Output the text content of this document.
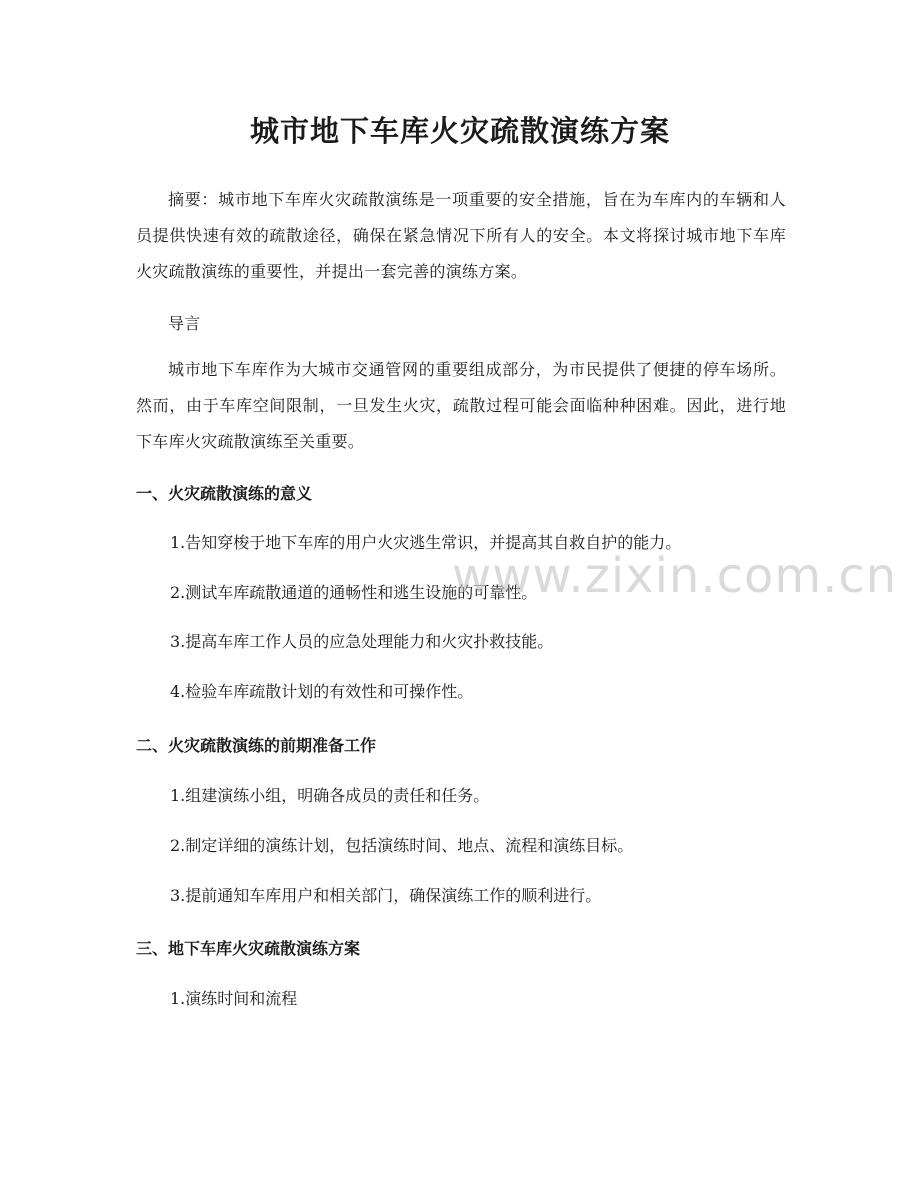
城市地下车库火灾疏散演练方案

摘要：城市地下车库火灾疏散演练是一项重要的安全措施，旨在为车库内的车辆和人员提供快速有效的疏散途径，确保在紧急情况下所有人的安全。本文将探讨城市地下车库火灾疏散演练的重要性，并提出一套完善的演练方案。

导言

城市地下车库作为大城市交通管网的重要组成部分，为市民提供了便捷的停车场所。然而，由于车库空间限制，一旦发生火灾，疏散过程可能会面临种种困难。因此，进行地下车库火灾疏散演练至关重要。

一、火灾疏散演练的意义

1.告知穿梭于地下车库的用户火灾逃生常识，并提高其自救自护的能力。

2.测试车库疏散通道的通畅性和逃生设施的可靠性。

3.提高车库工作人员的应急处理能力和火灾扑救技能。

4.检验车库疏散计划的有效性和可操作性。

二、火灾疏散演练的前期准备工作

1.组建演练小组，明确各成员的责任和任务。

2.制定详细的演练计划，包括演练时间、地点、流程和演练目标。

3.提前通知车库用户和相关部门，确保演练工作的顺利进行。

三、地下车库火灾疏散演练方案

1.演练时间和流程

www.zixin.com.cn
